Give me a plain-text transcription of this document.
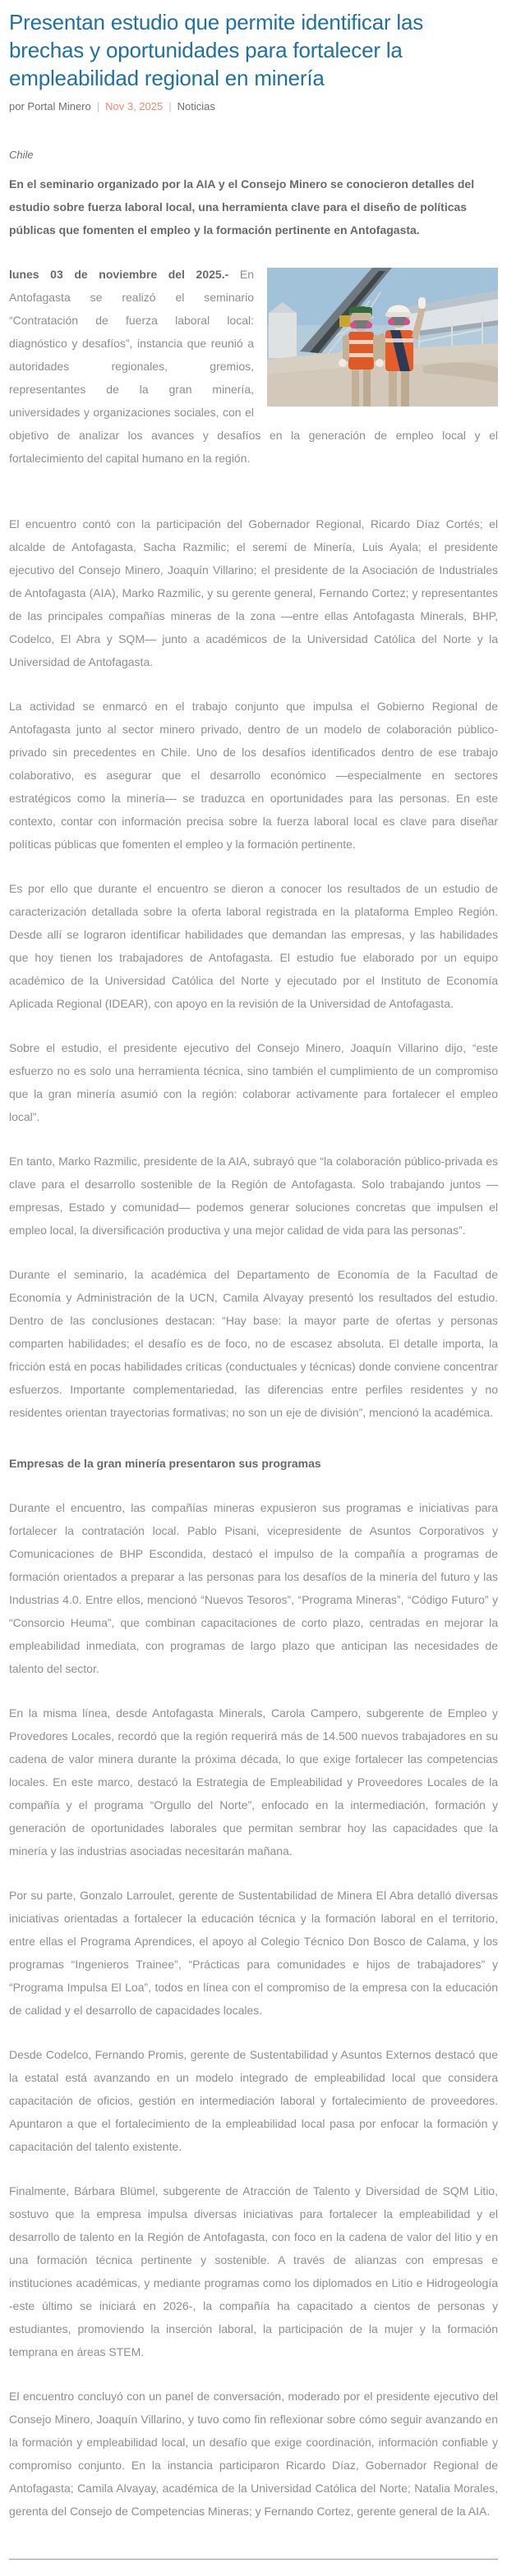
Presentan estudio que permite identificar las brechas y oportunidades para fortalecer la empleabilidad regional en minería
por Portal Minero | Nov 3, 2025 | Noticias

Chile

En el seminario organizado por la AIA y el Consejo Minero se conocieron detalles del estudio sobre fuerza laboral local, una herramienta clave para el diseño de políticas públicas que fomenten el empleo y la formación pertinente en Antofagasta.

lunes 03 de noviembre del 2025.- En Antofagasta se realizó el seminario “Contratación de fuerza laboral local: diagnóstico y desafíos”, instancia que reunió a autoridades regionales, gremios, representantes de la gran minería, universidades y organizaciones sociales, con el objetivo de analizar los avances y desafíos en la generación de empleo local y el fortalecimiento del capital humano en la región.

El encuentro contó con la participación del Gobernador Regional, Ricardo Díaz Cortés; el alcalde de Antofagasta, Sacha Razmilic; el seremi de Minería, Luis Ayala; el presidente ejecutivo del Consejo Minero, Joaquín Villarino; el presidente de la Asociación de Industriales de Antofagasta (AIA), Marko Razmilic, y su gerente general, Fernando Cortez; y representantes de las principales compañías mineras de la zona —entre ellas Antofagasta Minerals, BHP, Codelco, El Abra y SQM— junto a académicos de la Universidad Católica del Norte y la Universidad de Antofagasta.

La actividad se enmarcó en el trabajo conjunto que impulsa el Gobierno Regional de Antofagasta junto al sector minero privado, dentro de un modelo de colaboración público-privado sin precedentes en Chile. Uno de los desafíos identificados dentro de ese trabajo colaborativo, es asegurar que el desarrollo económico —especialmente en sectores estratégicos como la minería— se traduzca en oportunidades para las personas. En este contexto, contar con información precisa sobre la fuerza laboral local es clave para diseñar políticas públicas que fomenten el empleo y la formación pertinente.

Es por ello que durante el encuentro se dieron a conocer los resultados de un estudio de caracterización detallada sobre la oferta laboral registrada en la plataforma Empleo Región. Desde allí se lograron identificar habilidades que demandan las empresas, y las habilidades que hoy tienen los trabajadores de Antofagasta. El estudio fue elaborado por un equipo académico de la Universidad Católica del Norte y ejecutado por el Instituto de Economía Aplicada Regional (IDEAR), con apoyo en la revisión de la Universidad de Antofagasta.

Sobre el estudio, el presidente ejecutivo del Consejo Minero, Joaquín Villarino dijo, “este esfuerzo no es solo una herramienta técnica, sino también el cumplimiento de un compromiso que la gran minería asumió con la región: colaborar activamente para fortalecer el empleo local”.

En tanto, Marko Razmilic, presidente de la AIA, subrayó que “la colaboración público-privada es clave para el desarrollo sostenible de la Región de Antofagasta. Solo trabajando juntos —empresas, Estado y comunidad— podemos generar soluciones concretas que impulsen el empleo local, la diversificación productiva y una mejor calidad de vida para las personas”.

Durante el seminario, la académica del Departamento de Economía de la Facultad de Economía y Administración de la UCN, Camila Alvayay presentó los resultados del estudio. Dentro de las conclusiones destacan: “Hay base: la mayor parte de ofertas y personas comparten habilidades; el desafío es de foco, no de escasez absoluta. El detalle importa, la fricción está en pocas habilidades críticas (conductuales y técnicas) donde conviene concentrar esfuerzos. Importante complementariedad, las diferencias entre perfiles residentes y no residentes orientan trayectorias formativas; no son un eje de división”, mencionó la académica.

Empresas de la gran minería presentaron sus programas

Durante el encuentro, las compañías mineras expusieron sus programas e iniciativas para fortalecer la contratación local. Pablo Pisani, vicepresidente de Asuntos Corporativos y Comunicaciones de BHP Escondida, destacó el impulso de la compañía a programas de formación orientados a preparar a las personas para los desafíos de la minería del futuro y las Industrias 4.0. Entre ellos, mencionó “Nuevos Tesoros”, “Programa Mineras”, “Código Futuro” y “Consorcio Heuma”, que combinan capacitaciones de corto plazo, centradas en mejorar la empleabilidad inmediata, con programas de largo plazo que anticipan las necesidades de talento del sector.

En la misma línea, desde Antofagasta Minerals, Carola Campero, subgerente de Empleo y Provedores Locales, recordó que la región requerirá más de 14.500 nuevos trabajadores en su cadena de valor minera durante la próxima década, lo que exige fortalecer las competencias locales. En este marco, destacó la Estrategia de Empleabilidad y Proveedores Locales de la compañía y el programa “Orgullo del Norte”, enfocado en la intermediación, formación y generación de oportunidades laborales que permitan sembrar hoy las capacidades que la minería y las industrias asociadas necesitarán mañana.

Por su parte, Gonzalo Larroulet, gerente de Sustentabilidad de Minera El Abra detalló diversas iniciativas orientadas a fortalecer la educación técnica y la formación laboral en el territorio, entre ellas el Programa Aprendices, el apoyo al Colegio Técnico Don Bosco de Calama, y los programas “Ingenieros Trainee”, “Prácticas para comunidades e hijos de trabajadores” y “Programa Impulsa El Loa”, todos en línea con el compromiso de la empresa con la educación de calidad y el desarrollo de capacidades locales.

Desde Codelco, Fernando Promis, gerente de Sustentabilidad y Asuntos Externos destacó que la estatal está avanzando en un modelo integrado de empleabilidad local que considera capacitación de oficios, gestión en intermediación laboral y fortalecimiento de proveedores. Apuntaron a que el fortalecimiento de la empleabilidad local pasa por enfocar la formación y capacitación del talento existente.

Finalmente, Bárbara Blümel, subgerente de Atracción de Talento y Diversidad de SQM Litio, sostuvo que la empresa impulsa diversas iniciativas para fortalecer la empleabilidad y el desarrollo de talento en la Región de Antofagasta, con foco en la cadena de valor del litio y en una formación técnica pertinente y sostenible. A través de alianzas con empresas e instituciones académicas, y mediante programas como los diplomados en Litio e Hidrogeología -este último se iniciará en 2026-, la compañía ha capacitado a cientos de personas y estudiantes, promoviendo la inserción laboral, la participación de la mujer y la formación temprana en áreas STEM.

El encuentro concluyó con un panel de conversación, moderado por el presidente ejecutivo del Consejo Minero, Joaquín Villarino, y tuvo como fin reflexionar sobre cómo seguir avanzando en la formación y empleabilidad local, un desafío que exige coordinación, información confiable y compromiso conjunto. En la instancia participaron Ricardo Díaz, Gobernador Regional de Antofagasta; Camila Alvayay, académica de la Universidad Católica del Norte; Natalia Morales, gerenta del Consejo de Competencias Mineras; y Fernando Cortez, gerente general de la AIA.
